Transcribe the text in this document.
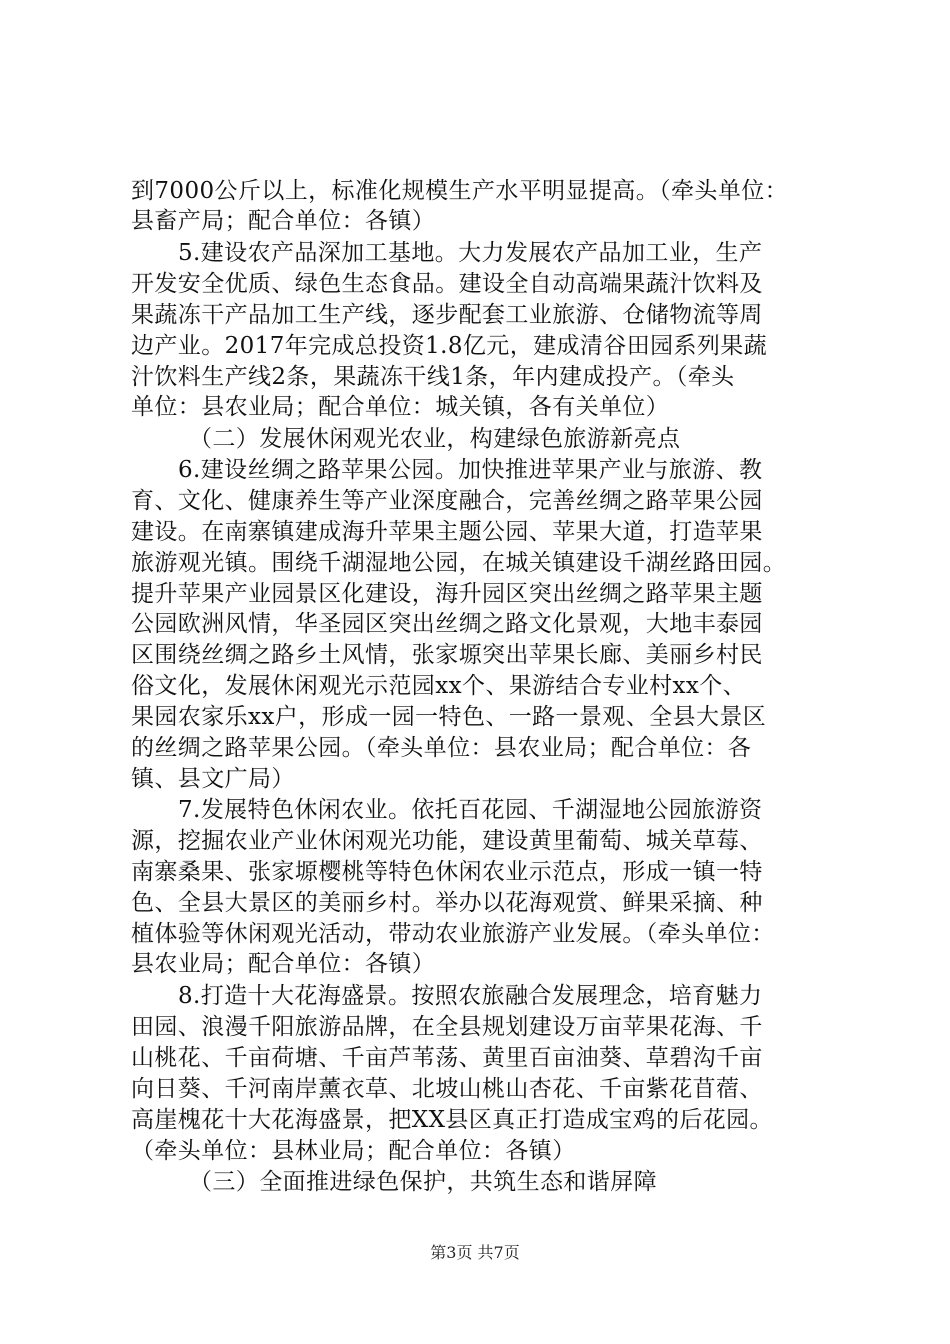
到7000公斤以上，标准化规模生产水平明显提高。（牵头单位：
县畜产局；配合单位：各镇）
5.建设农产品深加工基地。大力发展农产品加工业，生产
开发安全优质、绿色生态食品。建设全自动高端果蔬汁饮料及
果蔬冻干产品加工生产线，逐步配套工业旅游、仓储物流等周
边产业。2017年完成总投资1.8亿元，建成清谷田园系列果蔬
汁饮料生产线2条，果蔬冻干线1条，年内建成投产。（牵头
单位：县农业局；配合单位：城关镇，各有关单位）
（二）发展休闲观光农业，构建绿色旅游新亮点
6.建设丝绸之路苹果公园。加快推进苹果产业与旅游、教
育、文化、健康养生等产业深度融合，完善丝绸之路苹果公园
建设。在南寨镇建成海升苹果主题公园、苹果大道，打造苹果
旅游观光镇。围绕千湖湿地公园，在城关镇建设千湖丝路田园。
提升苹果产业园景区化建设，海升园区突出丝绸之路苹果主题
公园欧洲风情，华圣园区突出丝绸之路文化景观，大地丰泰园
区围绕丝绸之路乡土风情，张家塬突出苹果长廊、美丽乡村民
俗文化，发展休闲观光示范园xx个、果游结合专业村xx个、
果园农家乐xx户，形成一园一特色、一路一景观、全县大景区
的丝绸之路苹果公园。（牵头单位：县农业局；配合单位：各
镇、县文广局）
7.发展特色休闲农业。依托百花园、千湖湿地公园旅游资
源，挖掘农业产业休闲观光功能，建设黄里葡萄、城关草莓、
南寨桑果、张家塬樱桃等特色休闲农业示范点，形成一镇一特
色、全县大景区的美丽乡村。举办以花海观赏、鲜果采摘、种
植体验等休闲观光活动，带动农业旅游产业发展。（牵头单位：
县农业局；配合单位：各镇）
8.打造十大花海盛景。按照农旅融合发展理念，培育魅力
田园、浪漫千阳旅游品牌，在全县规划建设万亩苹果花海、千
山桃花、千亩荷塘、千亩芦苇荡、黄里百亩油葵、草碧沟千亩
向日葵、千河南岸薰衣草、北坡山桃山杏花、千亩紫花苜蓿、
高崖槐花十大花海盛景，把XX县区真正打造成宝鸡的后花园。
（牵头单位：县林业局；配合单位：各镇）
（三）全面推进绿色保护，共筑生态和谐屏障
第3页 共7页
